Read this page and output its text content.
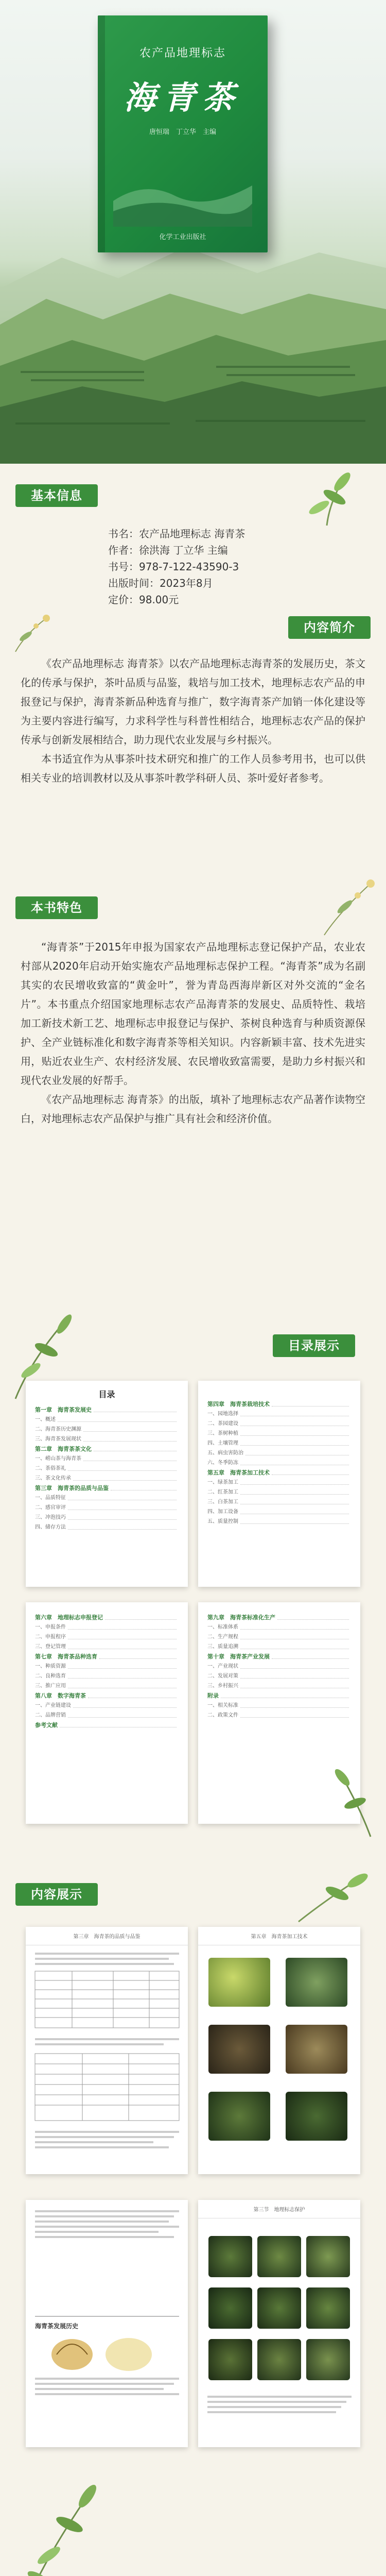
农产品地理标志
海青茶
唐恒瑞　丁立华　主编
化学工业出版社
基本信息
书名：农产品地理标志 海青茶
作者：徐洪海 丁立华 主编
书号：978-7-122-43590-3
出版时间：2023年8月
定价：98.00元
内容简介
《农产品地理标志 海青茶》以农产品地理标志海青茶的发展历史，茶文化的传承与保护，茶叶品质与品鉴，栽培与加工技术，地理标志农产品的申报登记与保护，海青茶新品种选育与推广，数字海青茶产加销一体化建设等为主要内容进行编写，力求科学性与科普性相结合，地理标志农产品的保护传承与创新发展相结合，助力现代农业发展与乡村振兴。
本书适宜作为从事茶叶技术研究和推广的工作人员参考用书，也可以供相关专业的培训教材以及从事茶叶教学科研人员、茶叶爱好者参考。
本书特色
“海青茶”于2015年申报为国家农产品地理标志登记保护产品，农业农村部从2020年启动开始实施农产品地理标志保护工程。“海青茶”成为名副其实的农民增收致富的“黄金叶”，誉为青岛西海岸新区对外交流的“金名片”。本书重点介绍国家地理标志农产品海青茶的发展史、品质特性、栽培加工新技术新工艺、地理标志申报登记与保护、茶树良种选育与种质资源保护、全产业链标准化和数字海青茶等相关知识。内容新颖丰富、技术先进实用，贴近农业生产、农村经济发展、农民增收致富需要，是助力乡村振兴和现代农业发展的好帮手。
《农产品地理标志 海青茶》的出版，填补了地理标志农产品著作读物空白，对地理标志农产品保护与推广具有社会和经济价值。
目录展示
目录
第一章　海青茶发展史
一、概述
二、海青茶历史渊源
三、海青茶发展现状
第二章　海青茶茶文化
一、崂山茶与海青茶
二、茶俗茶礼
三、茶文化传承
第三章　海青茶的品质与品鉴
一、品质特征
二、感官审评
三、冲泡技巧
四、储存方法
第四章　海青茶栽培技术
一、园地选择
二、茶园建设
三、茶树种植
四、土壤管理
五、病虫害防治
六、冬季防冻
第五章　海青茶加工技术
一、绿茶加工
二、红茶加工
三、白茶加工
四、加工设备
五、质量控制
第六章　地理标志申报登记
一、申报条件
二、申报程序
三、登记管理
第七章　海青茶品种选育
一、种质资源
二、良种选育
三、推广应用
第八章　数字海青茶
一、产业链建设
二、品牌营销
参考文献
第九章　海青茶标准化生产
一、标准体系
二、生产规程
三、质量追溯
第十章　海青茶产业发展
一、产业现状
二、发展对策
三、乡村振兴
附录
一、相关标准
二、政策文件
内容展示
第三章　海青茶的品质与品鉴	第五章　海青茶加工技术
海青茶发展历史
第三节　地理标志保护
